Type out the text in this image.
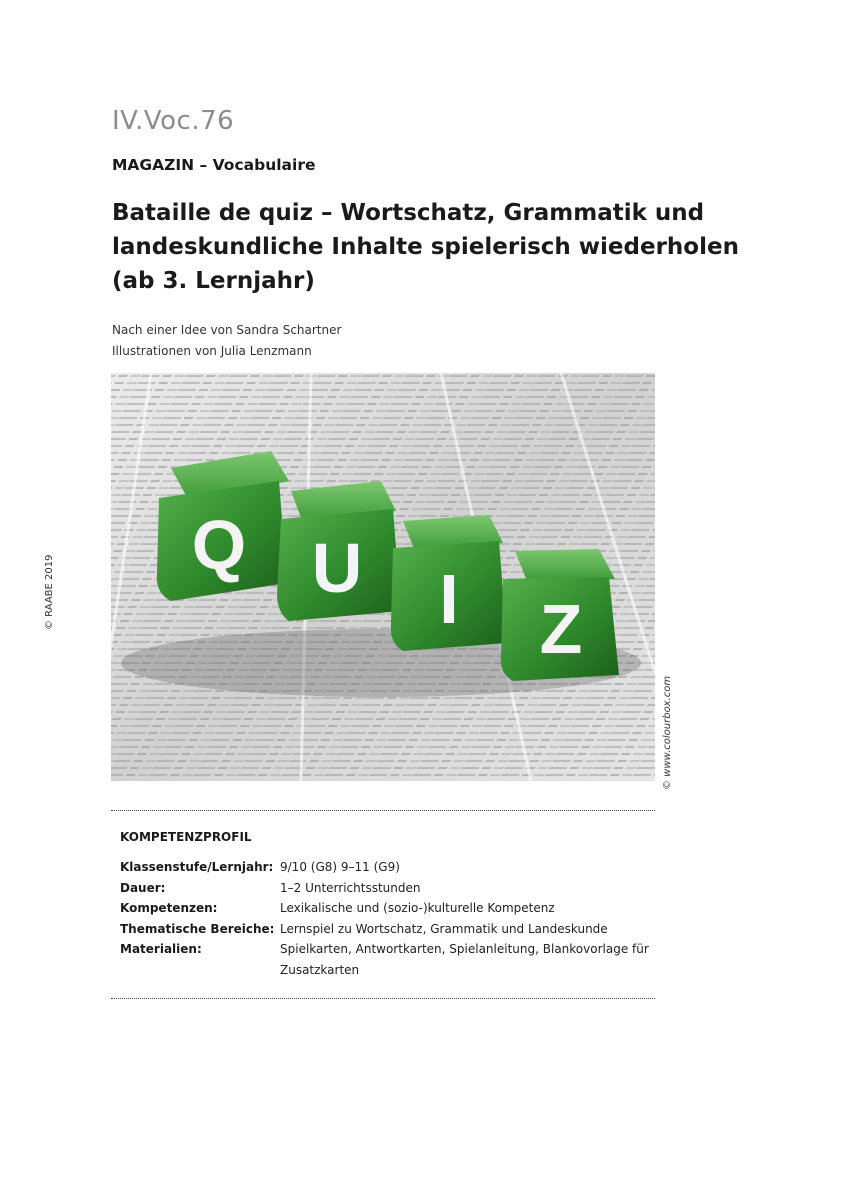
IV.Voc.76
MAGAZIN – Vocabulaire
Bataille de quiz – Wortschatz, Grammatik und
landeskundliche Inhalte spielerisch wiederholen
(ab 3. Lernjahr)
Nach einer Idee von Sandra Schartner
Illustrationen von Julia Lenzmann
© RAABE 2019
Q U I Z
© www.colourbox.com
KOMPETENZPROFIL
Klassenstufe/Lernjahr:	9/10 (G8) 9–11 (G9)
Dauer:	1–2 Unterrichtsstunden
Kompetenzen:	Lexikalische und (sozio-)kulturelle Kompetenz
Thematische Bereiche:	Lernspiel zu Wortschatz, Grammatik und Landeskunde
Materialien:	Spielkarten, Antwortkarten, Spielanleitung, Blankovorlage für Zusatzkarten
